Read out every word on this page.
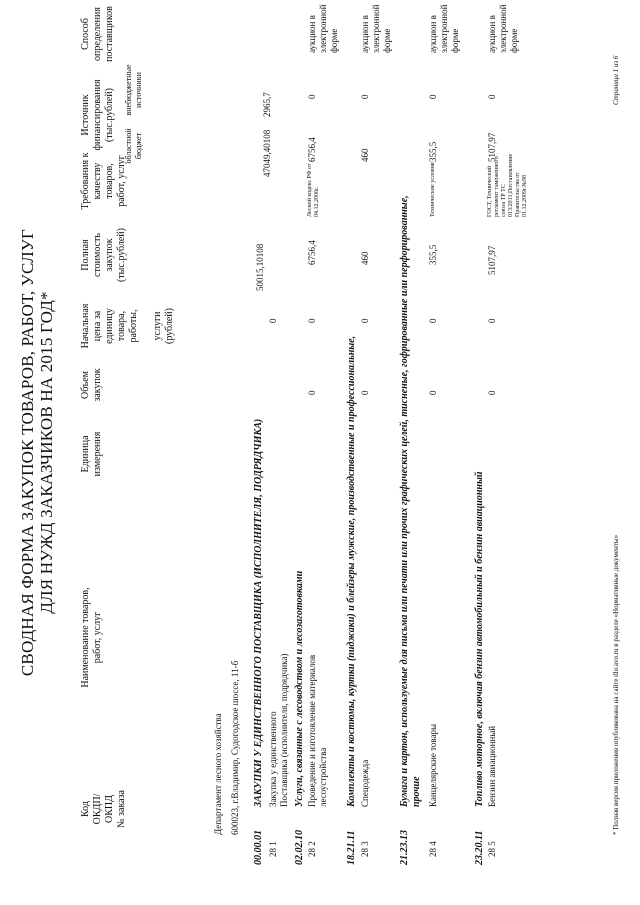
СВОДНАЯ ФОРМА ЗАКУПОК ТОВАРОВ, РАБОТ, УСЛУГ ДЛЯ НУЖД ЗАКАЗЧИКОВ НА 2015 ГОД*
Код ОКДП/ ОКПД № заказа
Наименование товаров, работ, услуг
Единица измерения
Объем закупок
Начальная цена за единицу товара, работы, услуги (рублей)
Полная стоимость закупок (тыс.рублей)
Требования к качеству товаров, работ, услуг
Источник финансирования (тыс.рублей)
областной бюджет
внебюджетные источники
Способ определения поставщиков
Департамент лесного хозяйства 600023, г.Владимир, Судогодское шоссе, 11-б
00.00.01
ЗАКУПКИ У ЕДИНСТВЕННОГО ПОСТАВЩИКА (ИСПОЛНИТЕЛЯ, ПОДРЯДЧИКА)
50015,10108
47049,40108
2965,7
28 1
Закупка у единственного Поставщика (исполнителя, подрядчика)
0
02.02.10
Услуги, связанные с лесоводством и лесозаготовками
28 2
Проведение и изготовление материалов лесоустройства
0
0
6756,4
Лесной кодекс РФ от 04.12.2006г.
6756,4
0
аукцион в электронной форме
18.21.11
Комплекты и костюмы, куртки (пиджаки) и блейзеры мужские, производственные и профессиональные,
28 3
Спецодежда
0
0
460
460
0
аукцион в электронной форме
21.23.13
Бумага и картон, используемые для письма или печати или прочих графических целей, тисненые, гофрированные или перфорированные, прочие
28 4
Канцелярские товары
0
0
355,5
Технические условия
355,5
0
аукцион в электронной форме
23.20.11
Топливо моторное, включая бензин автомобильный и бензин авиационный
28 5
Бензин авиационный
0
0
5107,97
ГОСТ, Технический регламент таможенного союза ТР ТС 013/2011,Постановление Правительства от 01.12.2009г.№98
5107,97
0
аукцион в электронной форме
* Полная версия приложения опубликована на сайте dlo.avo.ru в разделе «Нормативные документы»
Страница 1 из 6
